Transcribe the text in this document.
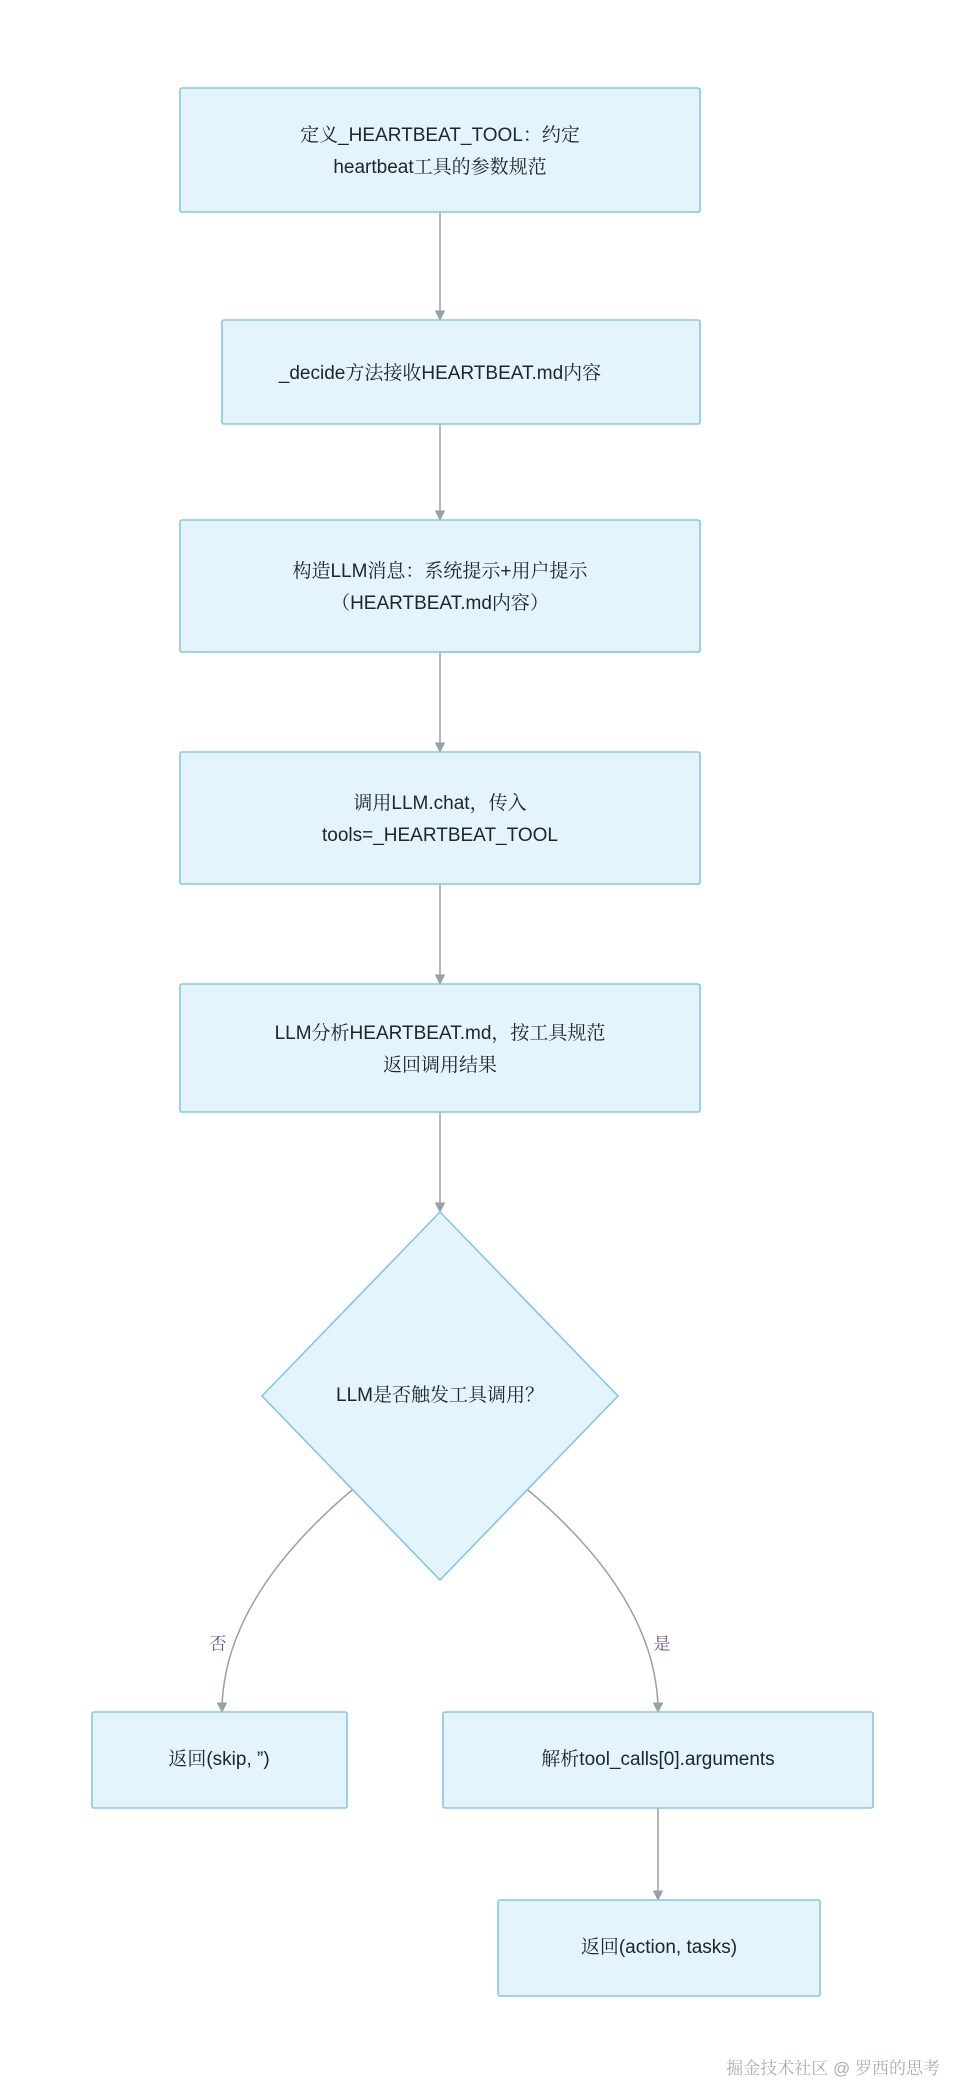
否	是
定义_HEARTBEAT_TOOL：约定
heartbeat工具的参数规范
_decide方法接收HEARTBEAT.md内容
构造LLM消息：系统提示+用户提示
（HEARTBEAT.md内容）
调用LLM.chat，传入
tools=_HEARTBEAT_TOOL
LLM分析HEARTBEAT.md，按工具规范
返回调用结果
LLM是否触发工具调用？
返回(skip, ”)	解析tool_calls[0].arguments
返回(action, tasks)
掘金技术社区 @ 罗西的思考
